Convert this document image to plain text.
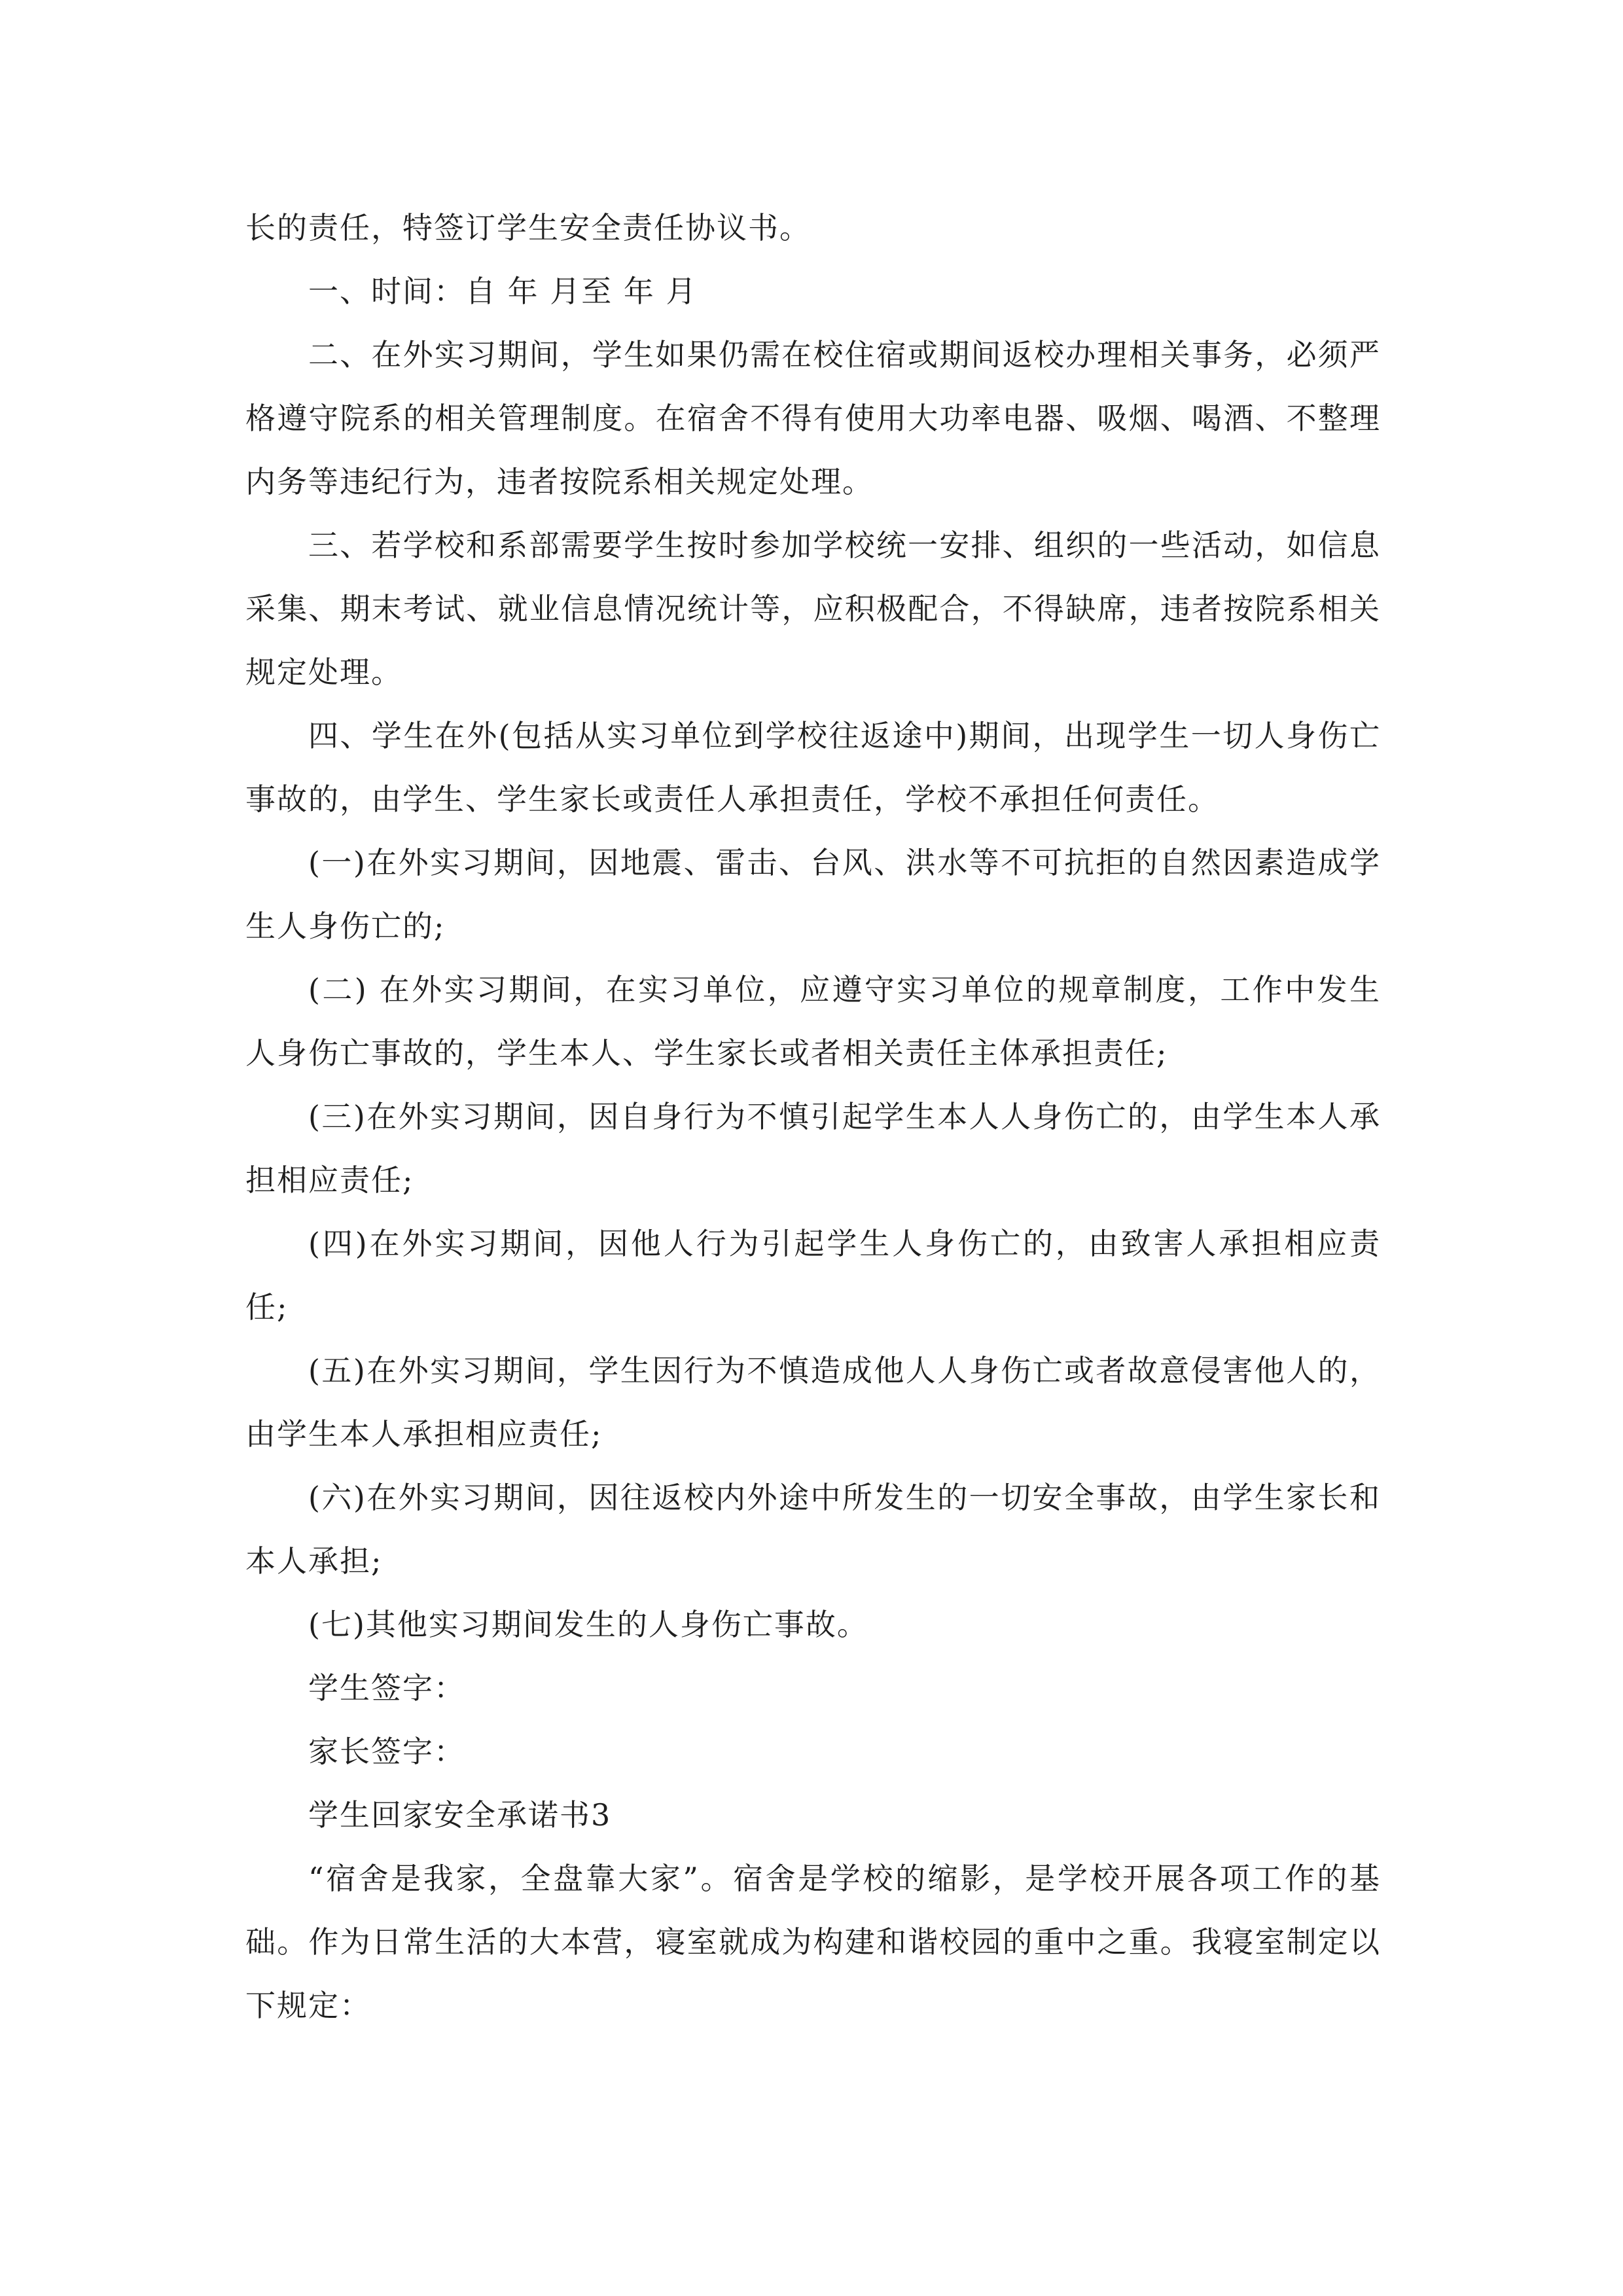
长的责任，特签订学生安全责任协议书。

一、时间：自 年 月至 年 月

二、在外实习期间，学生如果仍需在校住宿或期间返校办理相关事务，必须严格遵守院系的相关管理制度。在宿舍不得有使用大功率电器、吸烟、喝酒、不整理内务等违纪行为，违者按院系相关规定处理。

三、若学校和系部需要学生按时参加学校统一安排、组织的一些活动，如信息采集、期末考试、就业信息情况统计等，应积极配合，不得缺席，违者按院系相关规定处理。

四、学生在外(包括从实习单位到学校往返途中)期间，出现学生一切人身伤亡事故的，由学生、学生家长或责任人承担责任，学校不承担任何责任。

(一)在外实习期间，因地震、雷击、台风、洪水等不可抗拒的自然因素造成学生人身伤亡的;

(二) 在外实习期间，在实习单位，应遵守实习单位的规章制度，工作中发生人身伤亡事故的，学生本人、学生家长或者相关责任主体承担责任;

(三)在外实习期间，因自身行为不慎引起学生本人人身伤亡的，由学生本人承担相应责任;

(四)在外实习期间，因他人行为引起学生人身伤亡的，由致害人承担相应责任;

(五)在外实习期间，学生因行为不慎造成他人人身伤亡或者故意侵害他人的，由学生本人承担相应责任;

(六)在外实习期间，因往返校内外途中所发生的一切安全事故，由学生家长和本人承担;

(七)其他实习期间发生的人身伤亡事故。

学生签字：

家长签字：

学生回家安全承诺书3

“宿舍是我家，全盘靠大家”。宿舍是学校的缩影，是学校开展各项工作的基础。作为日常生活的大本营，寝室就成为构建和谐校园的重中之重。我寝室制定以下规定：
